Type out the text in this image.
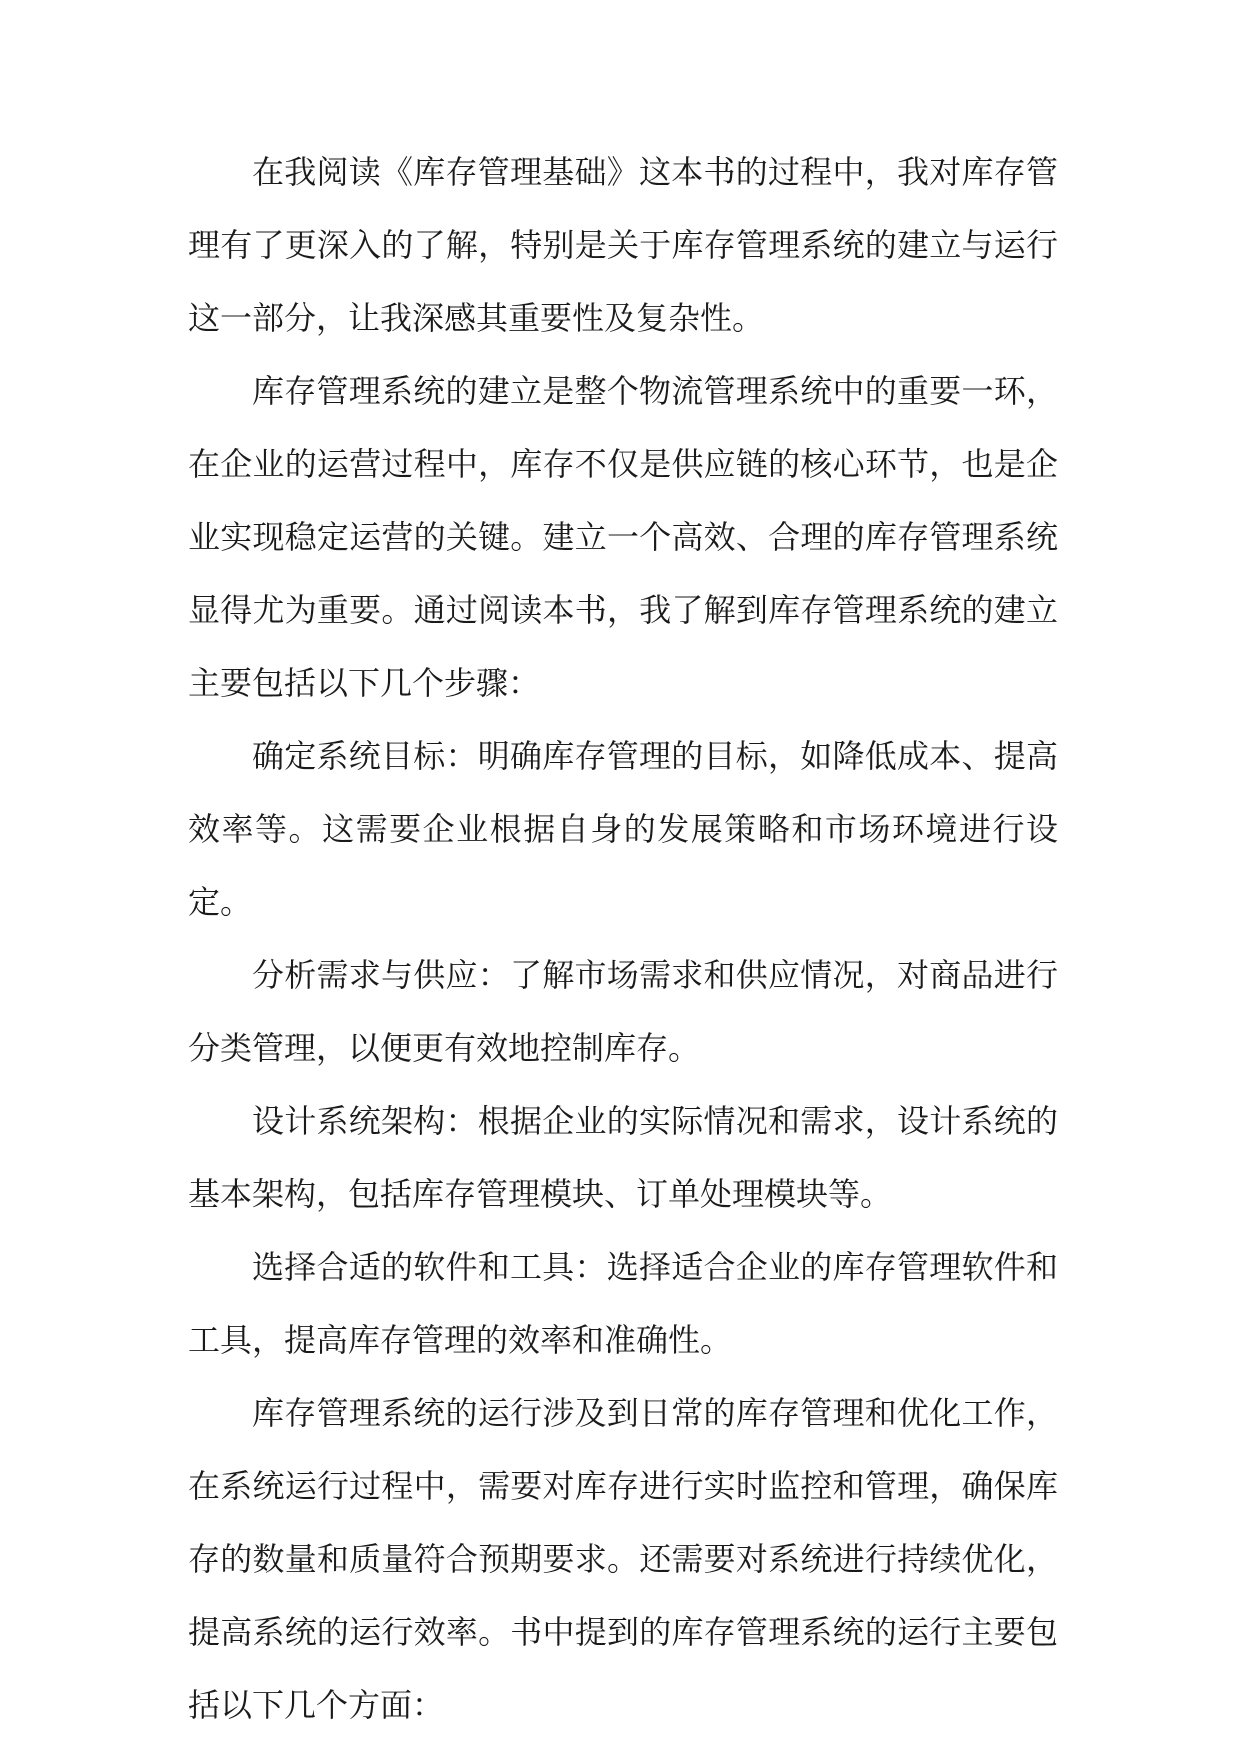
在我阅读《库存管理基础》这本书的过程中，我对库存管理有了更深入的了解，特别是关于库存管理系统的建立与运行这一部分，让我深感其重要性及复杂性。

库存管理系统的建立是整个物流管理系统中的重要一环，在企业的运营过程中，库存不仅是供应链的核心环节，也是企业实现稳定运营的关键。建立一个高效、合理的库存管理系统显得尤为重要。通过阅读本书，我了解到库存管理系统的建立主要包括以下几个步骤：

确定系统目标：明确库存管理的目标，如降低成本、提高效率等。这需要企业根据自身的发展策略和市场环境进行设定。

分析需求与供应：了解市场需求和供应情况，对商品进行分类管理，以便更有效地控制库存。

设计系统架构：根据企业的实际情况和需求，设计系统的基本架构，包括库存管理模块、订单处理模块等。

选择合适的软件和工具：选择适合企业的库存管理软件和工具，提高库存管理的效率和准确性。

库存管理系统的运行涉及到日常的库存管理和优化工作，在系统运行过程中，需要对库存进行实时监控和管理，确保库存的数量和质量符合预期要求。还需要对系统进行持续优化，提高系统的运行效率。书中提到的库存管理系统的运行主要包括以下几个方面：
